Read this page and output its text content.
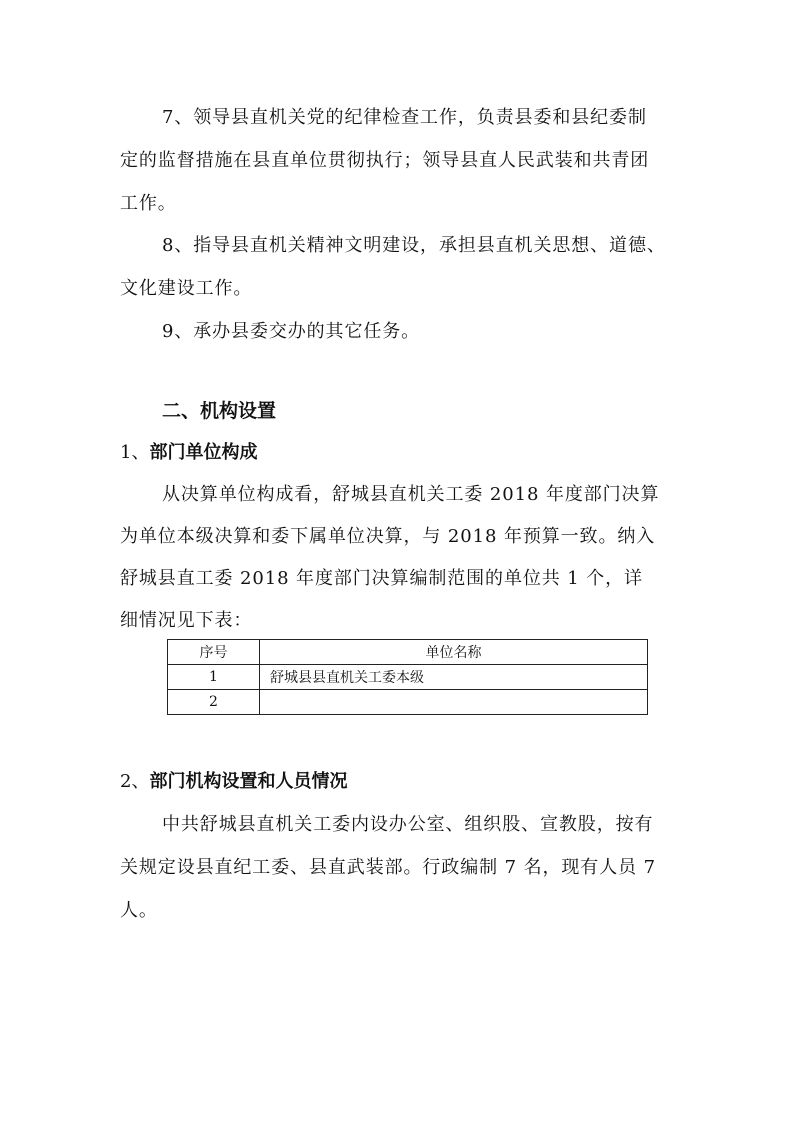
7、领导县直机关党的纪律检查工作，负责县委和县纪委制
定的监督措施在县直单位贯彻执行；领导县直人民武装和共青团
工作。
8、指导县直机关精神文明建设，承担县直机关思想、道德、
文化建设工作。
9、承办县委交办的其它任务。
二、机构设置
1、部门单位构成
从决算单位构成看，舒城县直机关工委 2018 年度部门决算
为单位本级决算和委下属单位决算，与 2018 年预算一致。纳入
舒城县直工委 2018 年度部门决算编制范围的单位共 1 个，详
细情况见下表：
序号	单位名称
1	舒城县县直机关工委本级
2	
2、部门机构设置和人员情况
中共舒城县直机关工委内设办公室、组织股、宣教股，按有
关规定设县直纪工委、县直武装部。行政编制 7 名，现有人员 7
人。
